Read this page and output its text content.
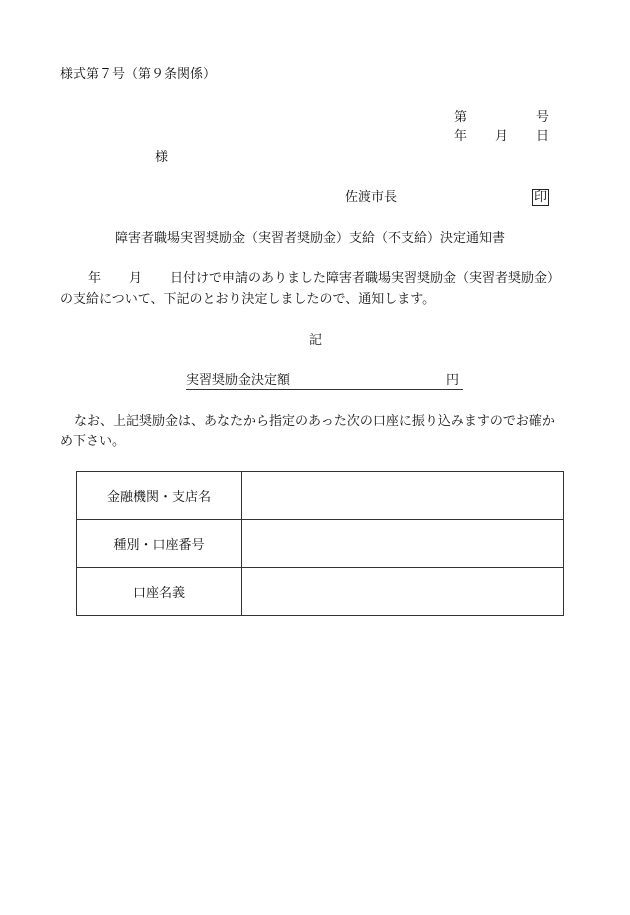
様式第７号（第９条関係）
第	号
年 月 日
様
佐渡市長	印
障害者職場実習奨励金（実習者奨励金）支給（不支給）決定通知書
年 月 日付けで申請のありました障害者職場実習奨励金（実習者奨励金）
の支給について、下記のとおり決定しましたので、通知します。
記
実習奨励金決定額	円
なお、上記奨励金は、あなたから指定のあった次の口座に振り込みますのでお確か
め下さい。
金融機関・支店名	
種別・口座番号	
口座名義	
